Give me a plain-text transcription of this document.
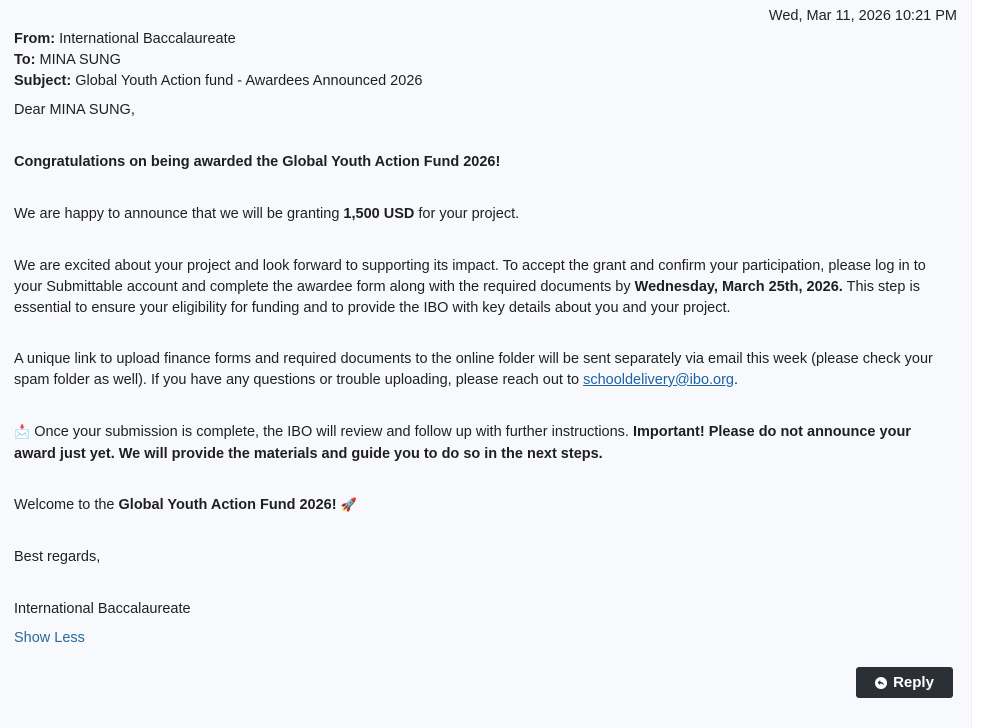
Wed, Mar 11, 2026 10:21 PM
From: International Baccalaureate
To: MINA SUNG
Subject: Global Youth Action fund - Awardees Announced 2026

Dear MINA SUNG,

Congratulations on being awarded the Global Youth Action Fund 2026!

We are happy to announce that we will be granting 1,500 USD for your project.

We are excited about your project and look forward to supporting its impact. To accept the grant and confirm your participation, please log in to your Submittable account and complete the awardee form along with the required documents by Wednesday, March 25th, 2026. This step is essential to ensure your eligibility for funding and to provide the IBO with key details about you and your project.

A unique link to upload finance forms and required documents to the online folder will be sent separately via email this week (please check your spam folder as well). If you have any questions or trouble uploading, please reach out to schooldelivery@ibo.org.

📩 Once your submission is complete, the IBO will review and follow up with further instructions. Important! Please do not announce your award just yet. We will provide the materials and guide you to do so in the next steps.

Welcome to the Global Youth Action Fund 2026! 🚀

Best regards,

International Baccalaureate

Show Less
Reply
